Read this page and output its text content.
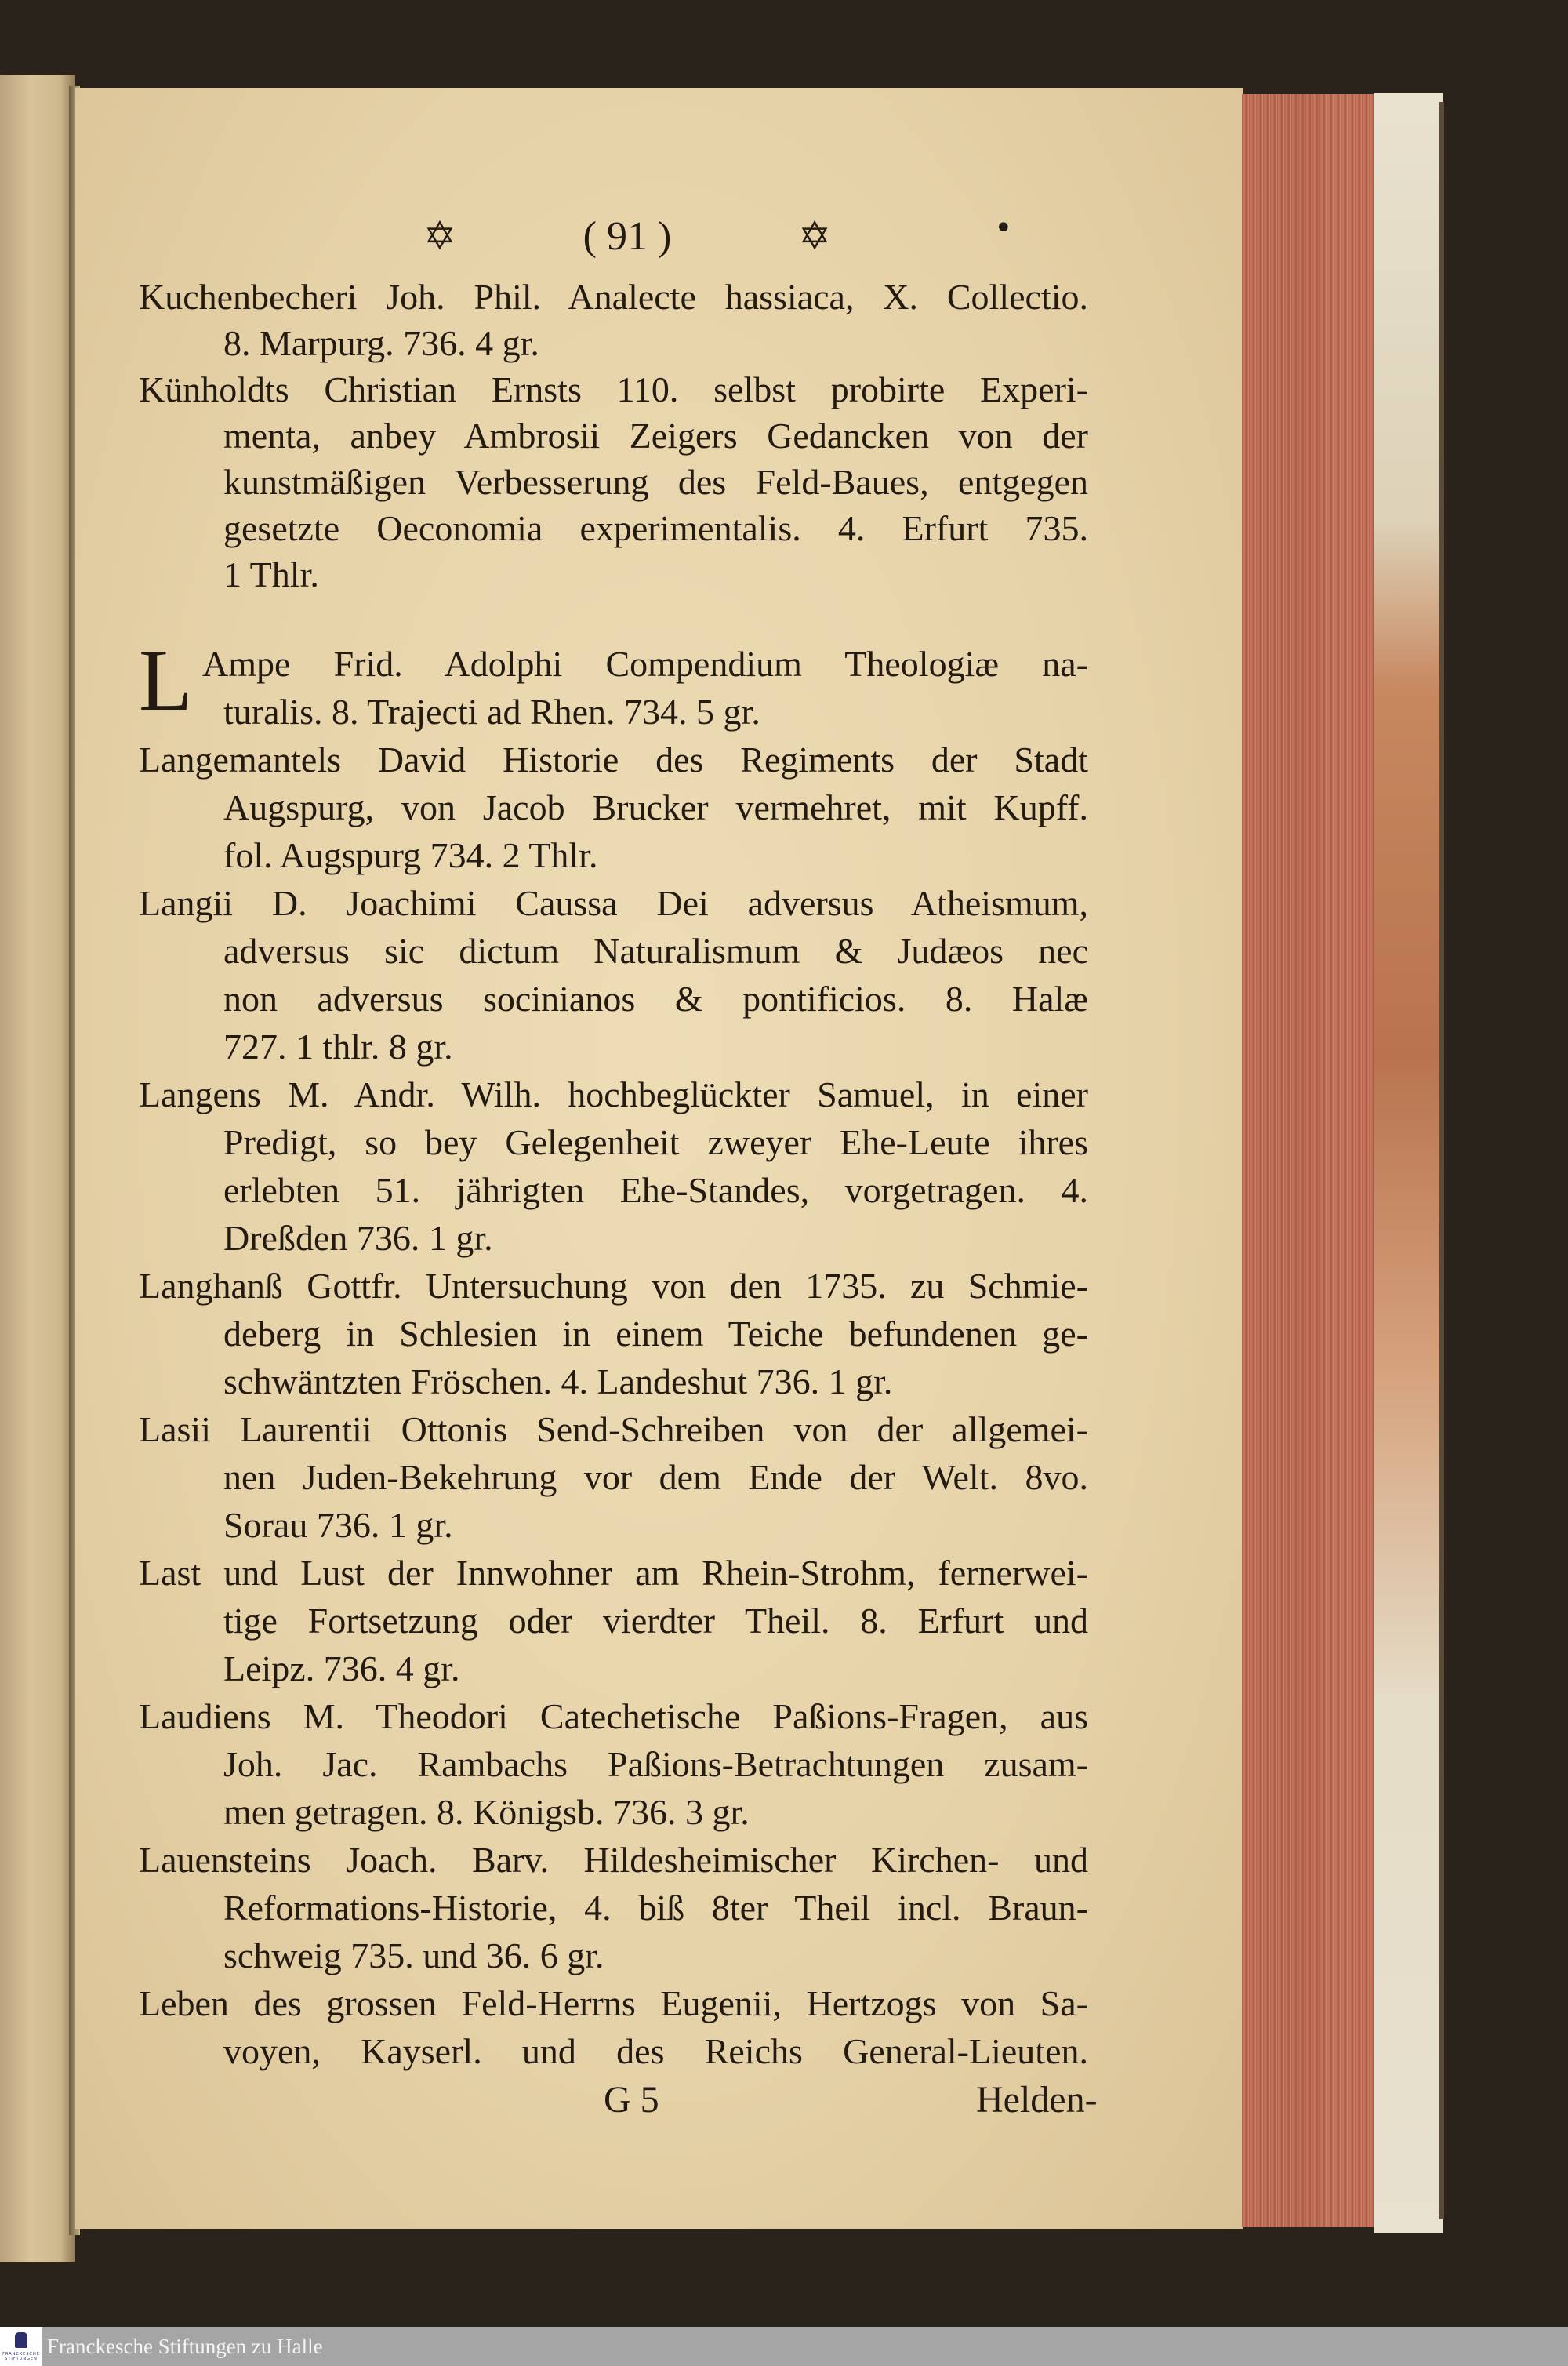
✡	( 91 )	✡	•
L
Kuchenbecheri Joh. Phil. Analecte hassiaca, X. Collectio.
8. Marpurg. 736. 4 gr.
Künholdts Christian Ernsts 110. selbst probirte Experi-
menta, anbey Ambrosii Zeigers Gedancken von der
kunstmäßigen Verbesserung des Feld-Baues, entgegen
gesetzte Oeconomia experimentalis. 4. Erfurt 735.
1 Thlr.
Ampe Frid. Adolphi Compendium Theologiæ na-
turalis. 8. Trajecti ad Rhen. 734. 5 gr.
Langemantels David Historie des Regiments der Stadt
Augspurg, von Jacob Brucker vermehret, mit Kupff.
fol. Augspurg 734. 2 Thlr.
Langii D. Joachimi Caussa Dei adversus Atheismum,
adversus sic dictum Naturalismum & Judæos nec
non adversus socinianos & pontificios. 8. Halæ
727. 1 thlr. 8 gr.
Langens M. Andr. Wilh. hochbeglückter Samuel, in einer
Predigt, so bey Gelegenheit zweyer Ehe-Leute ihres
erlebten 51. jährigten Ehe-Standes, vorgetragen. 4.
Dreßden 736. 1 gr.
Langhanß Gottfr. Untersuchung von den 1735. zu Schmie-
deberg in Schlesien in einem Teiche befundenen ge-
schwäntzten Fröschen. 4. Landeshut 736. 1 gr.
Lasii Laurentii Ottonis Send-Schreiben von der allgemei-
nen Juden-Bekehrung vor dem Ende der Welt. 8vo.
Sorau 736. 1 gr.
Last und Lust der Innwohner am Rhein-Strohm, fernerwei-
tige Fortsetzung oder vierdter Theil. 8. Erfurt und
Leipz. 736. 4 gr.
Laudiens M. Theodori Catechetische Paßions-Fragen, aus
Joh. Jac. Rambachs Paßions-Betrachtungen zusam-
men getragen. 8. Königsb. 736. 3 gr.
Lauensteins Joach. Barv. Hildesheimischer Kirchen- und
Reformations-Historie, 4. biß 8ter Theil incl. Braun-
schweig 735. und 36. 6 gr.
Leben des grossen Feld-Herrns Eugenii, Hertzogs von Sa-
voyen, Kayserl. und des Reichs General-Lieuten.
G 5	Helden-
FRANCKESCHE STIFTUNGEN
Franckesche Stiftungen zu Halle
